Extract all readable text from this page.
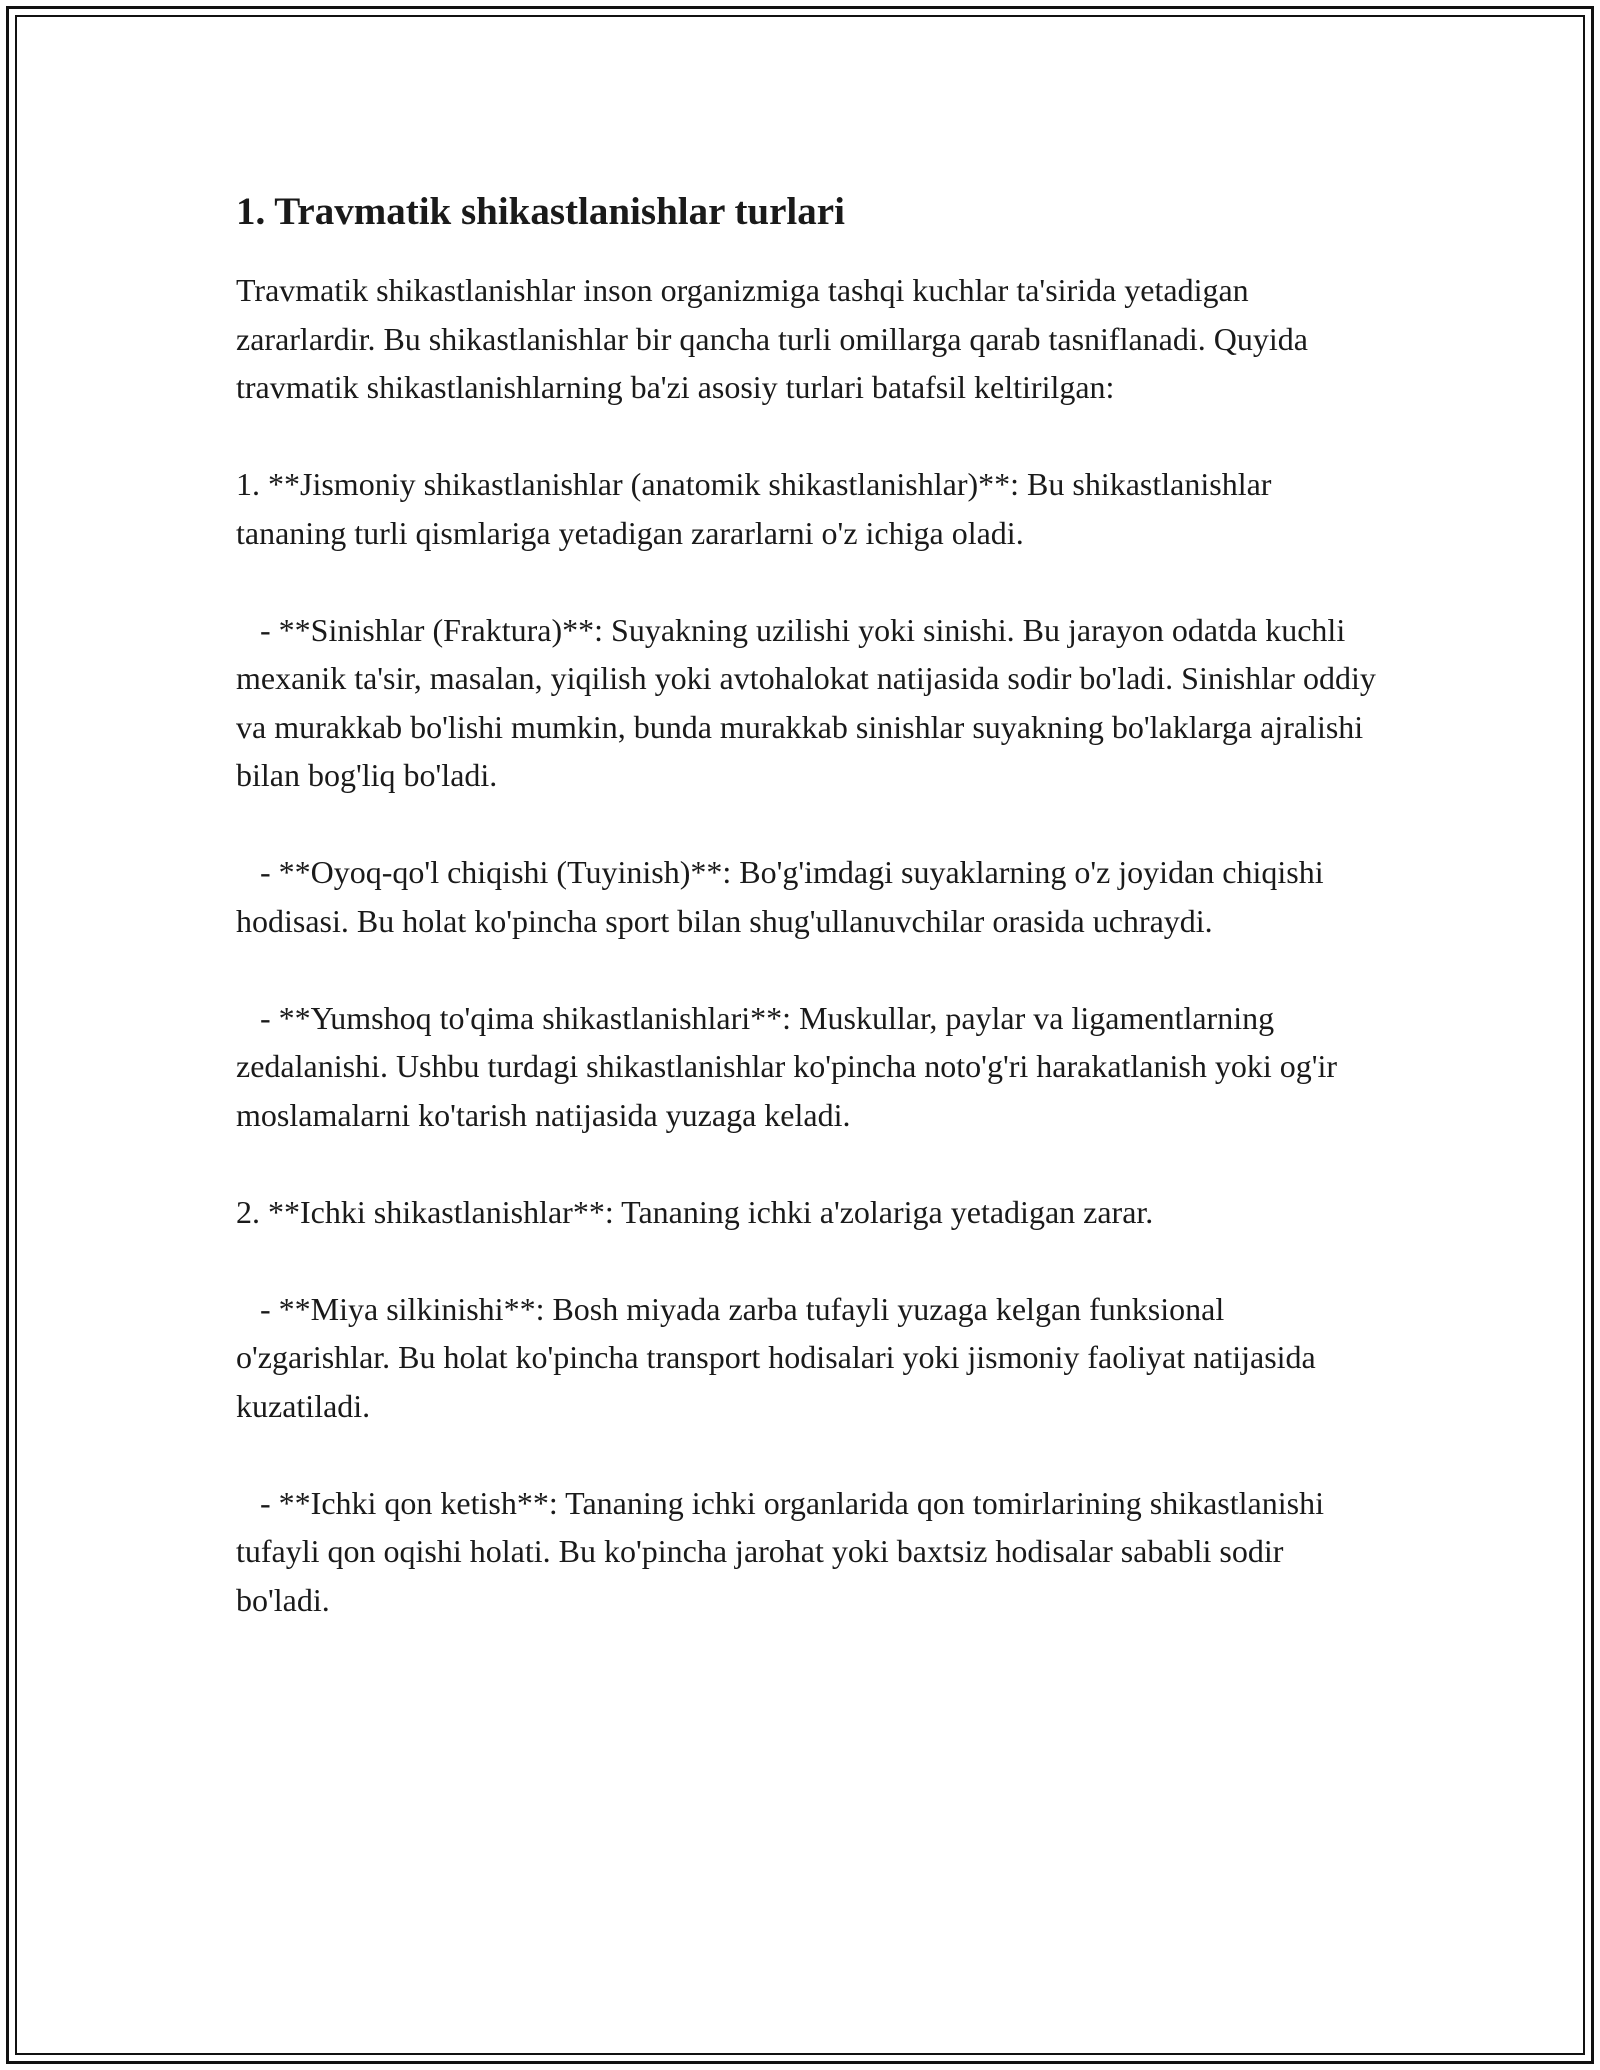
1. Travmatik shikastlanishlar turlari

Travmatik shikastlanishlar inson organizmiga tashqi kuchlar ta'sirida yetadigan zararlardir. Bu shikastlanishlar bir qancha turli omillarga qarab tasniflanadi. Quyida travmatik shikastlanishlarning ba'zi asosiy turlari batafsil keltirilgan:

1. **Jismoniy shikastlanishlar (anatomik shikastlanishlar)**: Bu shikastlanishlar tananing turli qismlariga yetadigan zararlarni o'z ichiga oladi.

- **Sinishlar (Fraktura)**: Suyakning uzilishi yoki sinishi. Bu jarayon odatda kuchli mexanik ta'sir, masalan, yiqilish yoki avtohalokat natijasida sodir bo'ladi. Sinishlar oddiy va murakkab bo'lishi mumkin, bunda murakkab sinishlar suyakning bo'laklarga ajralishi bilan bog'liq bo'ladi.

- **Oyoq-qo'l chiqishi (Tuyinish)**: Bo'g'imdagi suyaklarning o'z joyidan chiqishi hodisasi. Bu holat ko'pincha sport bilan shug'ullanuvchilar orasida uchraydi.

- **Yumshoq to'qima shikastlanishlari**: Muskullar, paylar va ligamentlarning zedalanishi. Ushbu turdagi shikastlanishlar ko'pincha noto'g'ri harakatlanish yoki og'ir moslamalarni ko'tarish natijasida yuzaga keladi.

2. **Ichki shikastlanishlar**: Tananing ichki a'zolariga yetadigan zarar.

- **Miya silkinishi**: Bosh miyada zarba tufayli yuzaga kelgan funksional o'zgarishlar. Bu holat ko'pincha transport hodisalari yoki jismoniy faoliyat natijasida kuzatiladi.

- **Ichki qon ketish**: Tananing ichki organlarida qon tomirlarining shikastlanishi tufayli qon oqishi holati. Bu ko'pincha jarohat yoki baxtsiz hodisalar sababli sodir bo'ladi.
